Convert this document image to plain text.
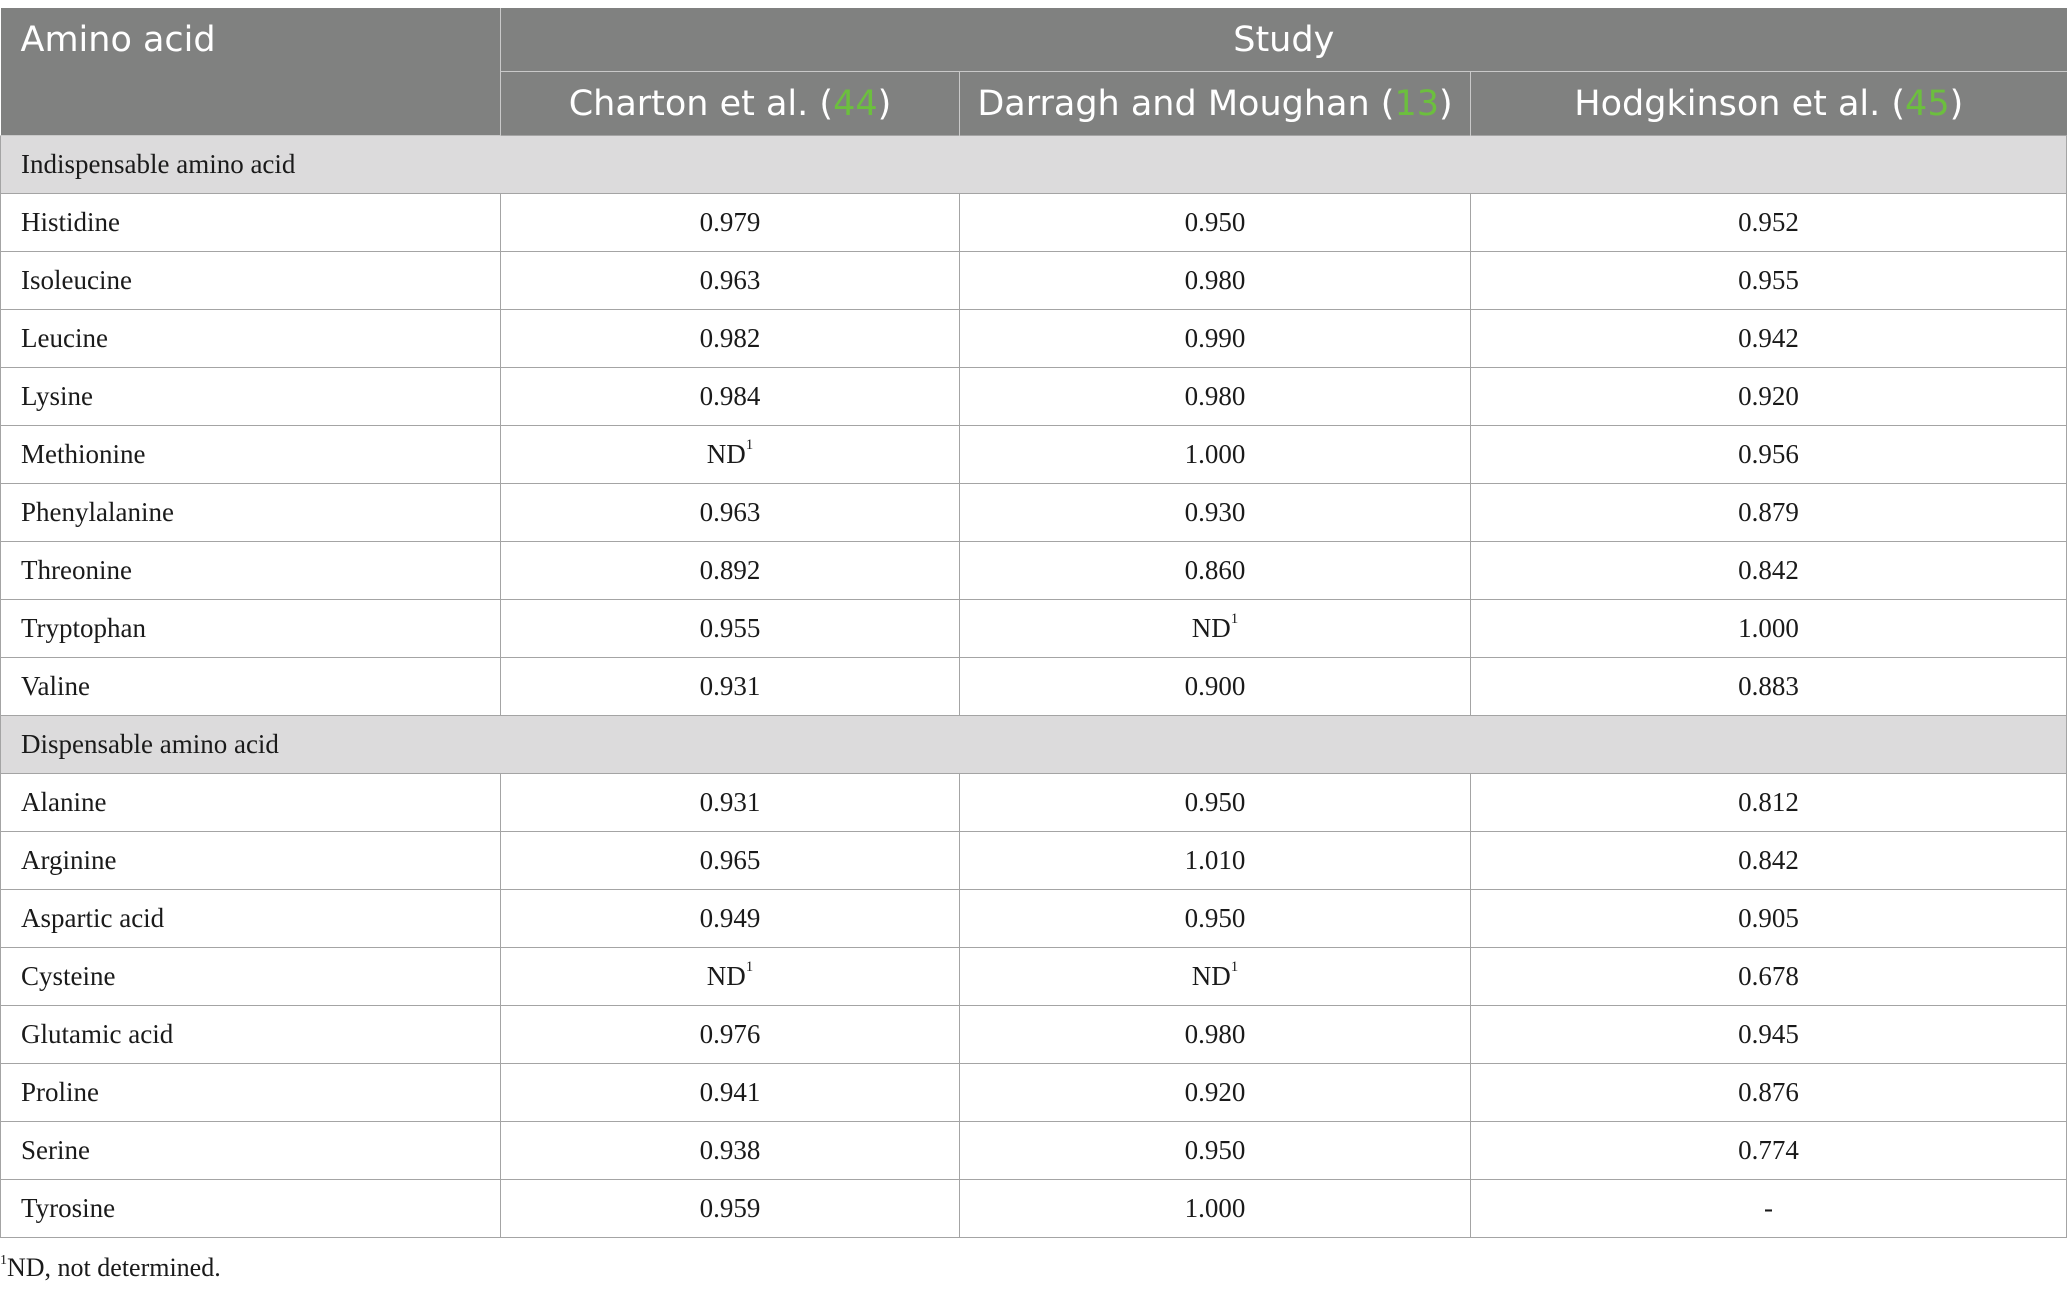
Amino acid	Study		
	Charton et al. (44)	Darragh and Moughan (13)	Hodgkinson et al. (45)
Indispensable amino acid			
Histidine	0.979	0.950	0.952
Isoleucine	0.963	0.980	0.955
Leucine	0.982	0.990	0.942
Lysine	0.984	0.980	0.920
Methionine	$ND^1$	1.000	0.956
Phenylalanine	0.963	0.930	0.879
Threonine	0.892	0.860	0.842
Tryptophan	0.955	$ND^1$	1.000
Valine	0.931	0.900	0.883
Dispensable amino acid			
Alanine	0.931	0.950	0.812
Arginine	0.965	1.010	0.842
Aspartic acid	0.949	0.950	0.905
Cysteine	$ND^1$	$ND^1$	0.678
Glutamic acid	0.976	0.980	0.945
Proline	0.941	0.920	0.876
Serine	0.938	0.950	0.774
Tyrosine	0.959	1.000	-
$^1$ND, not determined.
